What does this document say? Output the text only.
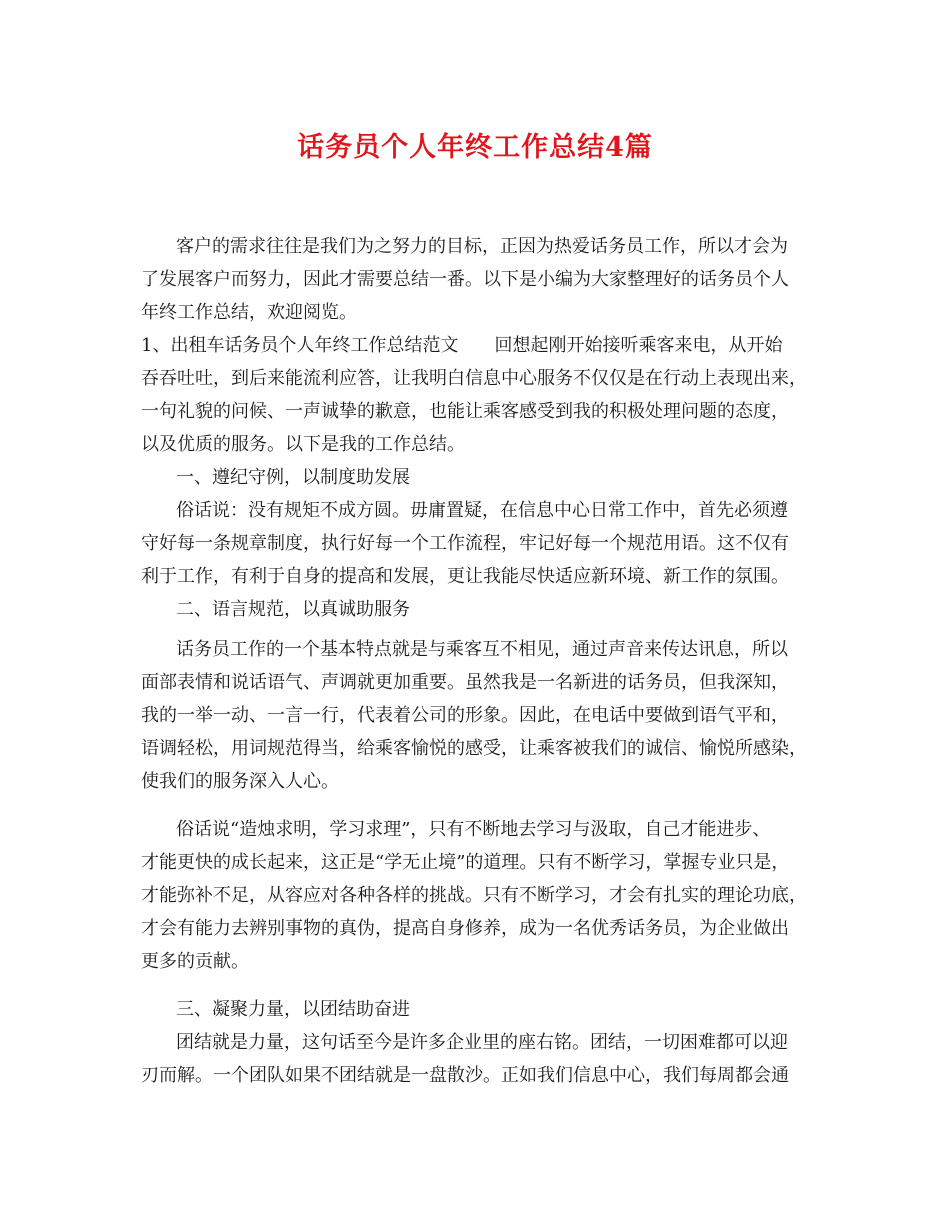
话务员个人年终工作总结4篇

客户的需求往往是我们为之努力的目标，正因为热爱话务员工作，所以才会为

了发展客户而努力，因此才需要总结一番。以下是小编为大家整理好的话务员个人

年终工作总结，欢迎阅览。

1、出租车话务员个人年终工作总结范文　　回想起刚开始接听乘客来电，从开始

吞吞吐吐，到后来能流利应答，让我明白信息中心服务不仅仅是在行动上表现出来，

一句礼貌的问候、一声诚挚的歉意，也能让乘客感受到我的积极处理问题的态度，

以及优质的服务。以下是我的工作总结。

一、遵纪守例，以制度助发展

俗话说：没有规矩不成方圆。毋庸置疑，在信息中心日常工作中，首先必须遵

守好每一条规章制度，执行好每一个工作流程，牢记好每一个规范用语。这不仅有

利于工作，有利于自身的提高和发展，更让我能尽快适应新环境、新工作的氛围。

二、语言规范，以真诚助服务

话务员工作的一个基本特点就是与乘客互不相见，通过声音来传达讯息，所以

面部表情和说话语气、声调就更加重要。虽然我是一名新进的话务员，但我深知，

我的一举一动、一言一行，代表着公司的形象。因此，在电话中要做到语气平和，

语调轻松，用词规范得当，给乘客愉悦的感受，让乘客被我们的诚信、愉悦所感染，

使我们的服务深入人心。

俗话说“造烛求明，学习求理”，只有不断地去学习与汲取，自己才能进步、

才能更快的成长起来，这正是“学无止境”的道理。只有不断学习，掌握专业只是，

才能弥补不足，从容应对各种各样的挑战。只有不断学习，才会有扎实的理论功底，

才会有能力去辨别事物的真伪，提高自身修养，成为一名优秀话务员，为企业做出

更多的贡献。

三、凝聚力量，以团结助奋进

团结就是力量，这句话至今是许多企业里的座右铭。团结，一切困难都可以迎

刃而解。一个团队如果不团结就是一盘散沙。正如我们信息中心，我们每周都会通
